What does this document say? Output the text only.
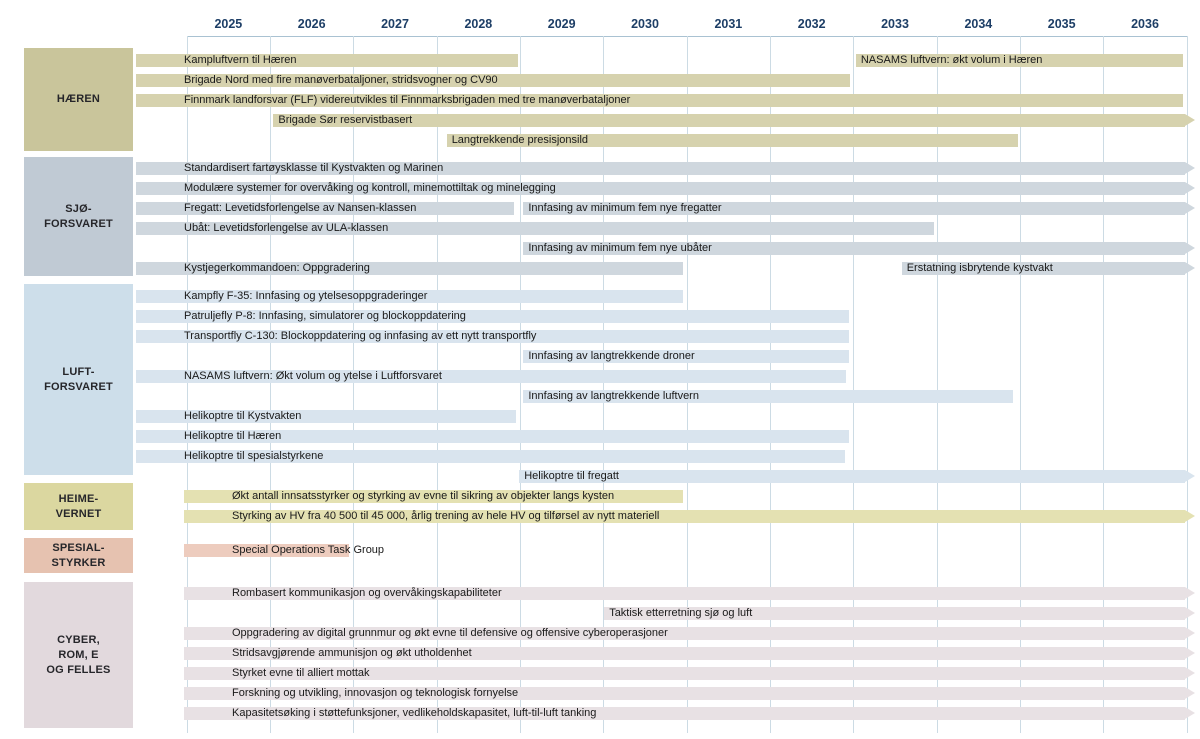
2025	2026	2027	2028	2029	2030	2031	2032	2033	2034	2035	2036
HÆREN
Kampluftvern til Hæren	NASAMS luftvern: økt volum i Hæren
Brigade Nord med fire manøverbataljoner, stridsvogner og CV90
Finnmark landforsvar (FLF) videreutvikles til Finnmarksbrigaden med tre manøverbataljoner
Brigade Sør reservistbasert
Langtrekkende presisjonsild
SJØ-
FORSVARET
Standardisert fartøysklasse til Kystvakten og Marinen
Modulære systemer for overvåking og kontroll, minemottiltak og minelegging
Fregatt: Levetidsforlengelse av Nansen-klassen	Innfasing av minimum fem nye fregatter
Ubåt: Levetidsforlengelse av ULA-klassen
Innfasing av minimum fem nye ubåter
Kystjegerkommandoen: Oppgradering	Erstatning isbrytende kystvakt
LUFT-
FORSVARET
Kampfly F-35: Innfasing og ytelsesoppgraderinger
Patruljefly P-8: Innfasing, simulatorer og blockoppdatering
Transportfly C-130: Blockoppdatering og innfasing av ett nytt transportfly
Innfasing av langtrekkende droner
NASAMS luftvern: Økt volum og ytelse i Luftforsvaret
Innfasing av langtrekkende luftvern
Helikoptre til Kystvakten
Helikoptre til Hæren
Helikoptre til spesialstyrkene
Helikoptre til fregatt
HEIME-
VERNET
Økt antall innsatsstyrker og styrking av evne til sikring av objekter langs kysten
Styrking av HV fra 40 500 til 45 000, årlig trening av hele HV og tilførsel av nytt materiell
SPESIAL-
STYRKER
Special Operations Task Group
CYBER,
ROM, E
OG FELLES
Rombasert kommunikasjon og overvåkingskapabiliteter
Taktisk etterretning sjø og luft
Oppgradering av digital grunnmur og økt evne til defensive og offensive cyberoperasjoner
Stridsavgjørende ammunisjon og økt utholdenhet
Styrket evne til alliert mottak
Forskning og utvikling, innovasjon og teknologisk fornyelse
Kapasitetsøking i støttefunksjoner, vedlikeholdskapasitet, luft-til-luft tanking
